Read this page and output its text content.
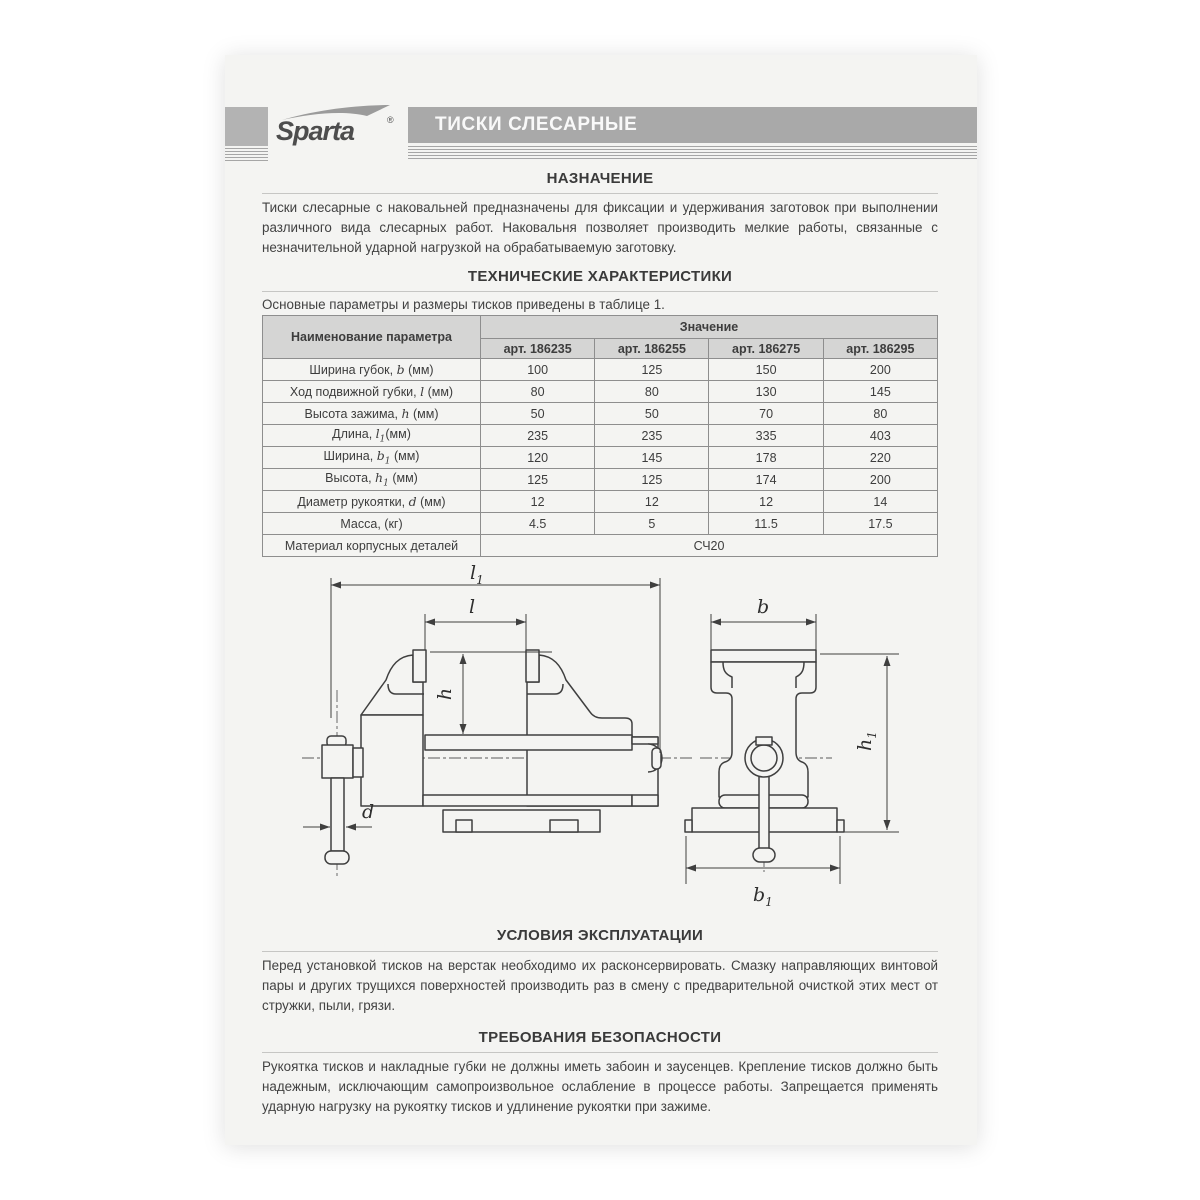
Sparta	® ТИСКИ СЛЕСАРНЫЕ
НАЗНАЧЕНИЕ
Тиски слесарные с наковальней предназначены для фиксации и удерживания заготовок при выполнении различного вида слесарных работ. Наковальня позволяет производить мелкие работы, связанные с незначительной ударной нагрузкой на обрабатываемую заготовку.
ТЕХНИЧЕСКИЕ ХАРАКТЕРИСТИКИ
Основные параметры и размеры тисков приведены в таблице 1.
Наименование параметра	Значение			
	арт. 186235	арт. 186255	арт. 186275	арт. 186295
Ширина губок, b (мм)	100	125	150	200
Ход подвижной губки, l (мм)	80	80	130	145
Высота зажима, h (мм)	50	50	70	80
Длина, $l_1(мм)$	235	235	335	403
Ширина, $b_1$ (мм)	120	145	178	220
Высота, $h_1$ (мм)	125	125	174	200
Диаметр рукоятки, d (мм)	12	12	12	14
Масса, (кг)	4.5	5	11.5	17.5
Материал корпусных деталей	СЧ20			
$l_1$
l
h
d
b
$h_1$
$b_1$
УСЛОВИЯ ЭКСПЛУАТАЦИИ
Перед установкой тисков на верстак необходимо их расконсервировать. Смазку направляющих винтовой пары и других трущихся поверхностей производить раз в смену с предварительной очисткой этих мест от стружки, пыли, грязи.
ТРЕБОВАНИЯ БЕЗОПАСНОСТИ
Рукоятка тисков и накладные губки не должны иметь забоин и заусенцев. Крепление тисков должно быть надежным, исключающим самопроизвольное ослабление в процессе работы. Запрещается применять ударную нагрузку на рукоятку тисков и удлинение рукоятки при зажиме.
